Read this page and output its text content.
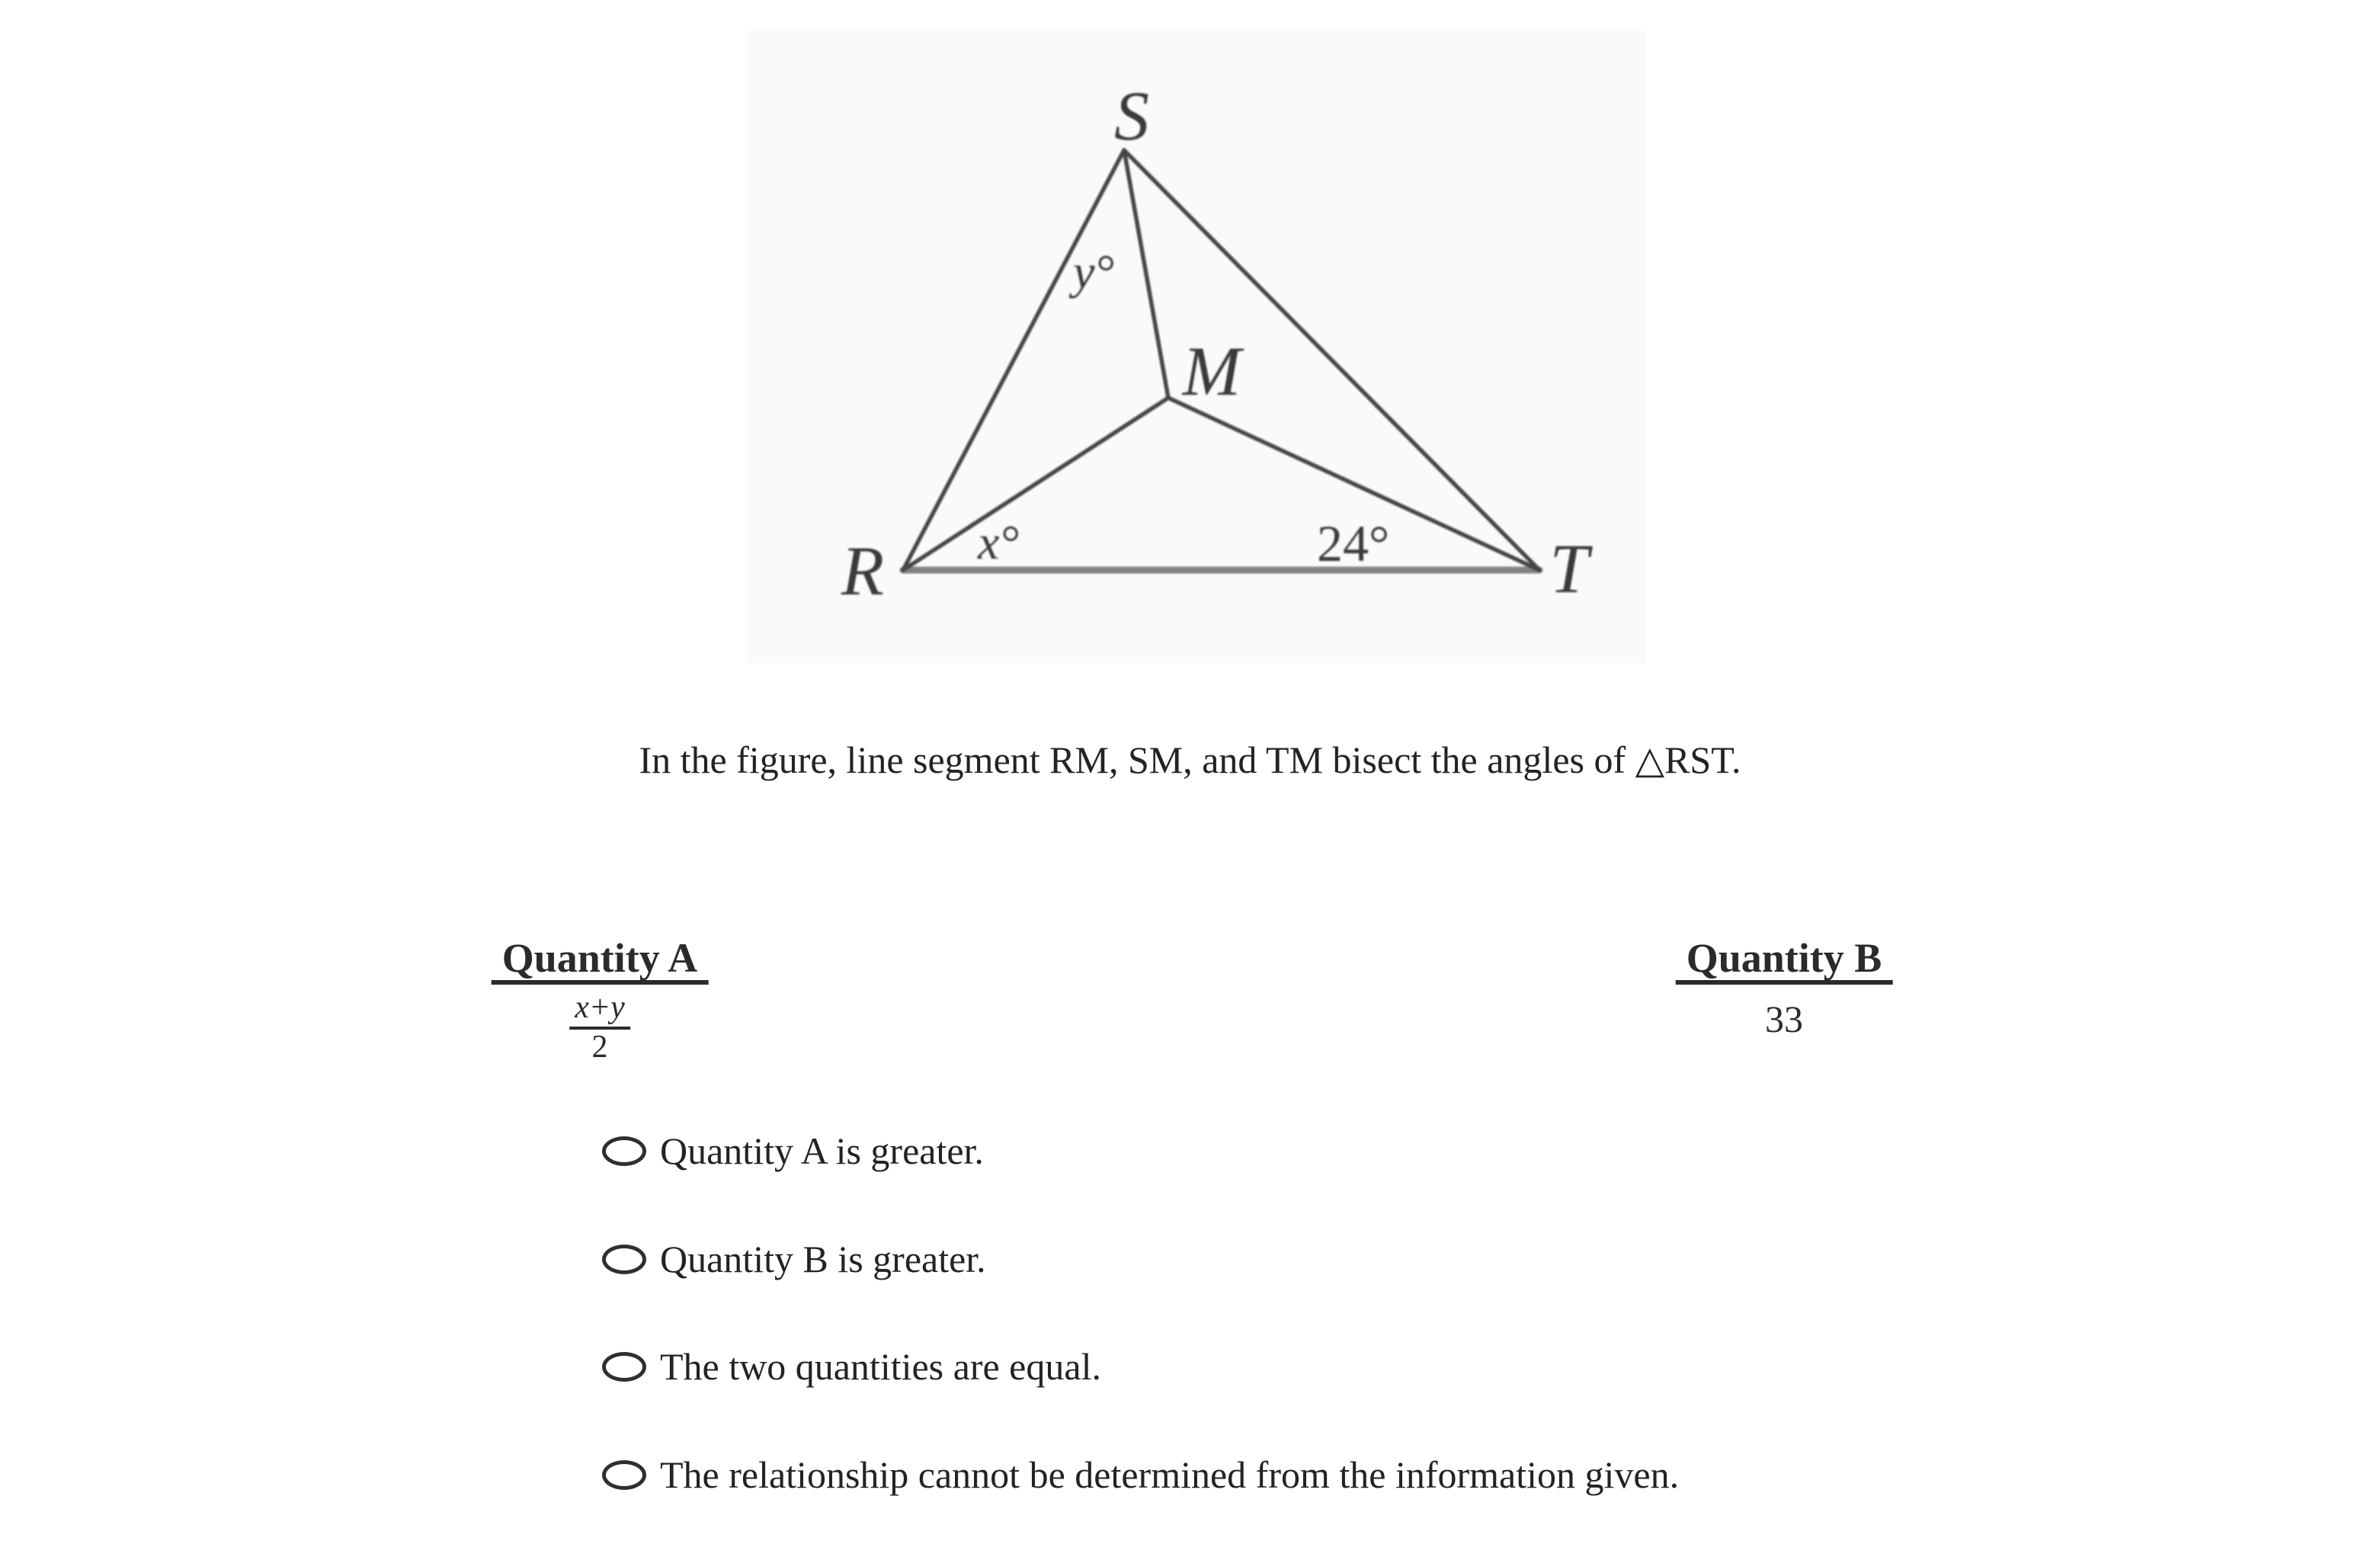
S
R	T
M
y°
x°	24°
In the figure, line segment RM, SM, and TM bisect the angles of △RST.
Quantity A
$\frac{x+y}{2}$
Quantity B
33
Quantity A is greater.
Quantity B is greater.
The two quantities are equal.
The relationship cannot be determined from the information given.
